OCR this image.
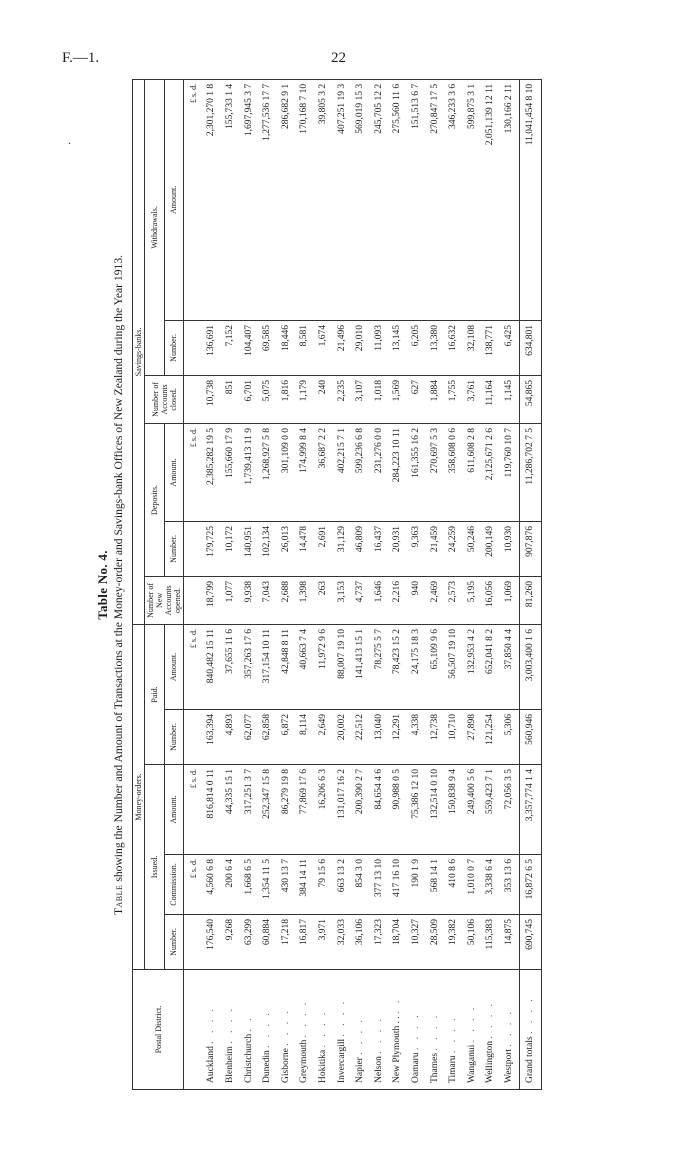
F.—1.	22
.
Table No. 4.
Table showing the Number and Amount of Transactions at the Money-order and Savings-bank Offices of New Zealand during the Year 1913.
Postal District.	Money-orders.					Savings-banks.					
	Issued.			Paid.		Number of New Accounts opened.	Deposits.		Number of Accounts closed.	Withdrawals.	
	Number.	Commission.	Amount.	Number.	Amount.		Number.	Amount.		Number.	Amount.
		£ s. d.	£ s. d.		£ s. d.			£ s. d.			£ s. d.
Auckland . . . .	176,540	4,560 6 8	816,814 0 11	163,394	840,482 15 11	18,799	179,725	2,385,282 19 5	10,738	136,691	2,301,270 1 8
Blenheim . . . .	9,268	200 6 4	44,335 15 1	4,893	37,655 11 6	1,077	10,172	155,660 17 9	851	7,152	155,733 1 4
Christchurch . .	63,299	1,668 6 5	317,251 3 7	62,077	357,263 17 6	9,938	140,951	1,739,413 11 9	6,701	104,407	1,697,945 3 7
Dunedin . . . .	60,884	1,354 11 5	252,347 15 8	62,858	317,154 10 11	7,043	102,134	1,268,927 5 8	5,075	69,585	1,277,536 17 7
Gisborne . . . .	17,218	430 13 7	86,279 19 8	6,872	42,848 8 11	2,688	26,013	301,109 0 0	1,816	18,446	286,682 9 1
Greymouth . . . .	16,817	384 14 11	77,869 17 6	8,114	40,663 7 4	1,398	14,478	174,999 8 4	1,179	8,581	170,168 7 10
Hokitika . . . .	3,971	79 15 6	16,206 6 3	2,649	11,972 9 6	263	2,691	36,687 2 2	240	1,674	39,805 3 2
Invercargill . . . .	32,033	663 13 2	131,017 16 2	20,002	88,007 19 10	3,153	31,129	402,215 7 1	2,235	21,496	407,251 19 3
Napier . . . .	36,106	854 3 0	200,390 2 7	22,512	141,413 15 1	4,737	46,809	599,236 6 8	3,107	29,010	569,019 15 3
Nelson . . . .	17,323	377 13 10	84,654 4 6	13,040	78,275 5 7	1,646	16,437	231,276 0 0	1,018	11,093	245,705 12 2
New Plymouth . . . .	18,704	417 16 10	90,988 0 5	12,291	78,423 15 2	2,216	20,931	284,223 10 11	1,569	13,145	275,560 11 6
Oamaru . . . .	10,327	190 1 9	75,386 12 10	4,338	24,175 18 3	940	9,363	161,355 16 2	627	6,205	151,513 6 7
Thames . . . .	28,509	568 14 1	132,514 0 10	12,738	65,109 9 6	2,469	21,459	270,697 5 3	1,884	13,380	270,847 17 5
Timaru . . . .	19,382	410 8 6	150,838 9 4	10,710	56,507 19 10	2,573	24,259	358,608 0 6	1,755	16,632	346,233 3 6
Wanganui . . . .	50,106	1,010 0 7	249,400 5 6	27,898	132,953 4 2	5,195	50,246	611,608 2 8	3,761	32,108	599,875 3 1
Wellington . . . .	115,383	3,338 6 4	559,423 7 1	121,254	652,041 8 2	16,056	200,149	2,125,671 2 6	11,164	138,771	2,051,139 12 11
Westport . . . .	14,875	353 13 6	72,056 3 5	5,306	37,850 4 4	1,069	10,930	119,760 10 7	1,145	6,425	130,166 2 11
Grand totals . . . .	690,745	16,872 6 5	3,357,774 1 4	560,946	3,003,400 1 6	81,260	907,876	11,286,702 7 5	54,865	634,801	11,041,454 8 10
